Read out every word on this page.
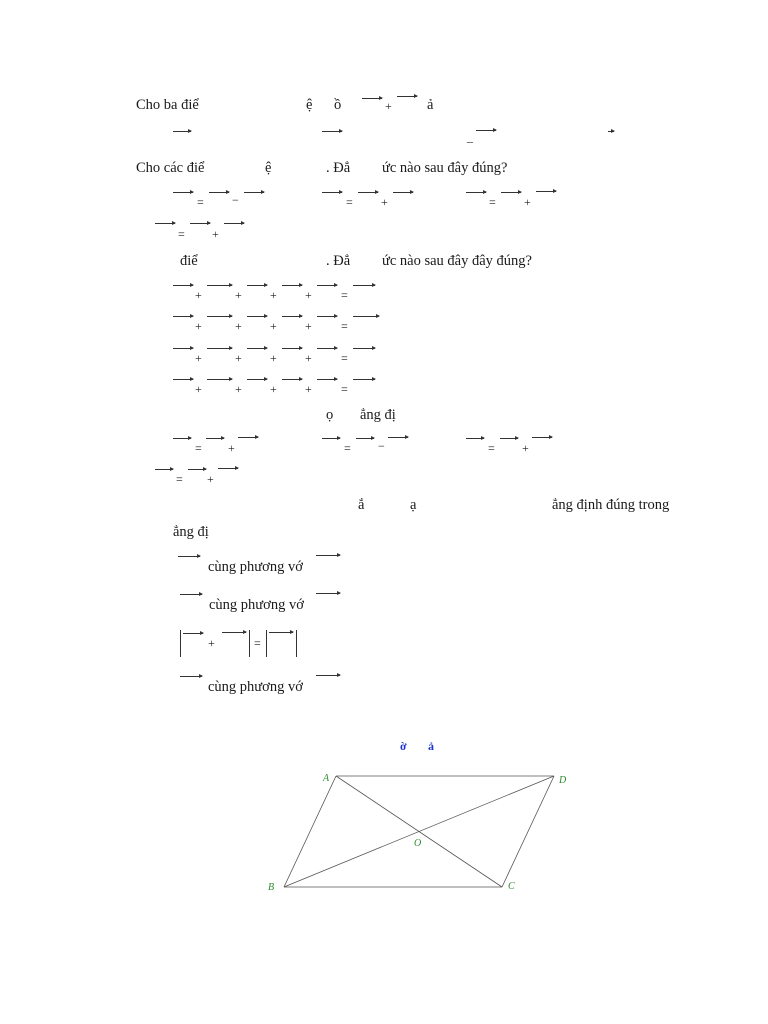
Cho ba điể	ệ ồ	+ ả
_
Cho các điể	ệ	. Đẳ ức nào sau đây đúng?
= −	= +	= +
= +
điể	. Đẳ ức nào sau đây đây đúng?
+	+ + + =
+	+ + + =
+	+ + + =
+	+ + + =
ọ ẳng đị
= +	= −	= +
= +
ắ	ạ	ẳng định đúng trong
ẳng đị
cùng phương vớ
cùng phương vớ
+	=
cùng phương vớ
ờ ả
A	D
O
B	C
